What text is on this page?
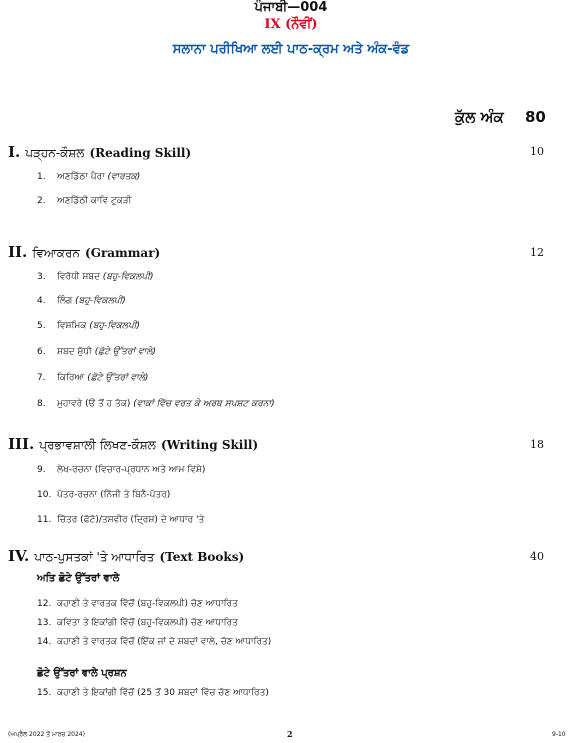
ਪੰਜਾਬੀ—004
IX (ਨੌਵੀਂ)
ਸਲਾਨਾ ਪਰੀਖਿਆ ਲਈ ਪਾਠ-ਕ੍ਰਮ ਅਤੇ ਅੰਕ-ਵੰਡ
ਕੁੱਲ ਅੰਕ 80
I. ਪੜ੍ਹਨ-ਕੌਸ਼ਲ (Reading Skill)	10
1. ਅਣਡਿੱਠਾ ਪੈਰਾ (ਵਾਰਤਕ)
2. ਅਣਡਿੱਠੀ ਕਾਵਿ ਟੁਕੜੀ
II. ਵਿਆਕਰਨ (Grammar)	12
3. ਵਿਰੋਧੀ ਸ਼ਬਦ (ਬਹੁ-ਵਿਕਲਪੀ)
4. ਲਿੰਗ (ਬਹੁ-ਵਿਕਲਪੀ)
5. ਵਿਸ਼ਮਿਕ (ਬਹੁ-ਵਿਕਲਪੀ)
6. ਸ਼ਬਦ ਸ਼ੁੱਧੀ (ਛੋਟੇ ਉੱਤਰਾਂ ਵਾਲੇ)
7. ਕਿਰਿਆ (ਛੋਟੇ ਉੱਤਰਾਂ ਵਾਲੇ)
8. ਮੁਹਾਵਰੇ (ੳ ਤੋਂ ਹ ਤੱਕ) (ਵਾਕਾਂ ਵਿੱਚ ਵਰਤ ਕੇ ਅਰਥ ਸਪਸ਼ਟ ਕਰਨਾ)
III. ਪ੍ਰਭਾਵਸ਼ਾਲੀ ਲਿਖਣ-ਕੌਸ਼ਲ (Writing Skill)	18
9. ਲੇਖ-ਰਚਨਾ (ਵਿਚਾਰ-ਪ੍ਰਧਾਨ ਅਤੇ ਆਮ ਵਿਸ਼ੇ)
10. ਪੱਤਰ-ਰਚਨਾ (ਨਿੱਜੀ ਤੇ ਬਿਨੈ-ਪੱਤਰ)
11. ਚਿੱਤਰ (ਫੋਟੋ)/ਤਸਵੀਰ (ਦ੍ਰਿਸ਼) ਦੇ ਆਧਾਰ 'ਤੇ
IV. ਪਾਠ-ਪੁਸਤਕਾਂ 'ਤੇ ਆਧਾਰਿਤ (Text Books)	40
ਅਤਿ ਛੋਟੇ ਉੱਤਰਾਂ ਵਾਲੇ
12. ਕਹਾਣੀ ਤੇ ਵਾਰਤਕ ਵਿੱਚੋਂ (ਬਹੁ-ਵਿਕਲਪੀ) ਚੋਣ ਆਧਾਰਿਤ
13. ਕਵਿਤਾ ਤੇ ਇਕਾਂਗੀ ਵਿੱਚੋਂ (ਬਹੁ-ਵਿਕਲਪੀ) ਚੋਣ ਆਧਾਰਿਤ
14. ਕਹਾਣੀ ਤੇ ਵਾਰਤਕ ਵਿੱਚੋਂ (ਇੱਕ ਜਾਂ ਦੋ ਸ਼ਬਦਾਂ ਵਾਲੇ, ਚੋਣ ਆਧਾਰਿਤ)
ਛੋਟੇ ਉੱਤਰਾਂ ਵਾਲੇ ਪ੍ਰਸ਼ਨ
15. ਕਹਾਣੀ ਤੇ ਇਕਾਂਗੀ ਵਿੱਚੋਂ (25 ਤੋਂ 30 ਸ਼ਬਦਾਂ ਵਿੱਚ ਚੋਣ ਆਧਾਰਿਤ)
(ਅਪ੍ਰੈਲ 2022 ਤੋਂ ਮਾਰਚ 2024)	2	9-10
